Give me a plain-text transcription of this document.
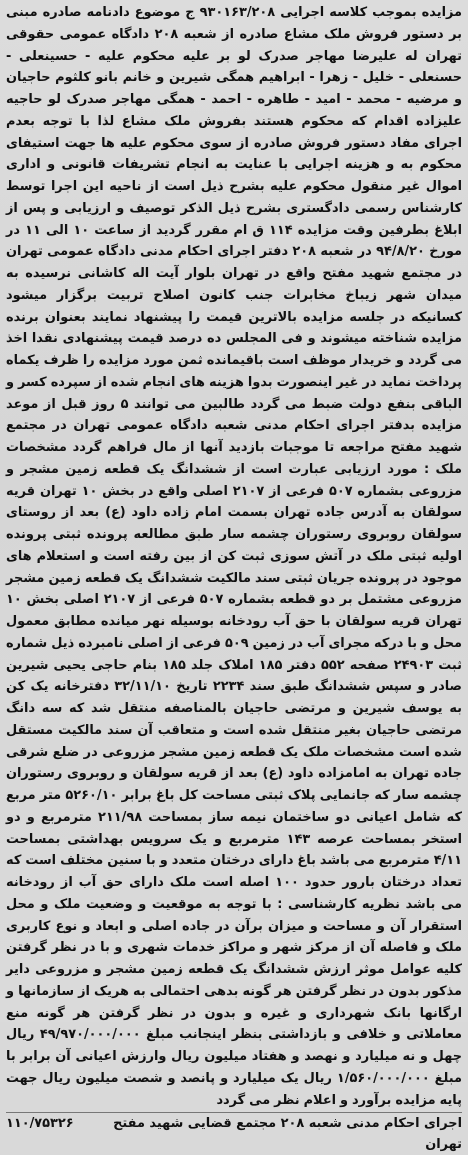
مزایده بموجب کلاسه اجرایی ۹۳۰۱۶۳/۲۰۸ ج موضوع دادنامه صادره مبنی بر دستور فروش ملک مشاع صادره از شعبه ۲۰۸ دادگاه عمومی حقوقی تهران له علیرضا مهاجر صدرک لو بر علیه محکوم علیه - حسینعلی - حسنعلی - خلیل - زهرا - ابراهیم همگی شیرین و خانم بانو کلثوم حاجیان و مرضیه - محمد - امید - طاهره - احمد - همگی مهاجر صدرک لو حاجیه علیزاده اقدام که محکوم هستند بفروش ملک مشاع لذا با توجه بعدم اجرای مفاد دستور فروش صادره از سوی محکوم علیه ها جهت استیفای محکوم به و هزینه اجرایی با عنایت به انجام تشریفات قانونی و اداری اموال غیر منقول محکوم علیه بشرح ذیل است از ناحیه این اجرا توسط کارشناس رسمی دادگستری بشرح ذیل الذکر توصیف و ارزیابی و پس از ابلاغ بطرفین وقت مزایده ۱۱۴ ق ام مقرر گردید از ساعت ۱۰ الی ۱۱ در مورخ ۹۴/۸/۲۰ در شعبه ۲۰۸ دفتر اجرای احکام مدنی دادگاه عمومی تهران در مجتمع شهید مفتح واقع در تهران بلوار آیت اله کاشانی نرسیده به میدان شهر زیباخ مخابرات جنب کانون اصلاح تربیت برگزار میشود کسانیکه در جلسه مزایده بالاترین قیمت را پیشنهاد نمایند بعنوان برنده مزایده شناخته میشوند و فی المجلس ده درصد قیمت پیشنهادی نقدا اخذ می گردد و خریدار موظف است باقیمانده ثمن مورد مزایده را ظرف یکماه پرداخت نماید در غیر اینصورت بدوا هزینه های انجام شده از سپرده کسر و الباقی بنفع دولت ضبط می گردد طالبین می توانند ۵ روز قبل از موعد مزایده بدفتر اجرای احکام مدنی شعبه دادگاه عمومی تهران در مجتمع شهید مفتح مراجعه تا موجبات بازدید آنها از مال فراهم گردد مشخصات ملک : مورد ارزیابی عبارت است از ششدانگ یک قطعه زمین مشجر و مزروعی بشماره ۵۰۷ فرعی از ۲۱۰۷ اصلی واقع در بخش ۱۰ تهران قریه سولقان به آدرس جاده تهران بسمت امام زاده داود (ع) بعد از روستای سولقان روبروی رستوران چشمه سار طبق مطالعه پرونده ثبتی پرونده اولیه ثبتی ملک در آتش سوزی ثبت کن از بین رفته است و استعلام های موجود در پرونده جریان ثبتی سند مالکیت ششدانگ یک قطعه زمین مشجر مزروعی مشتمل بر دو قطعه بشماره ۵۰۷ فرعی از ۲۱۰۷ اصلی بخش ۱۰ تهران قریه سولقان با حق آب رودخانه بوسیله نهر میانده مطابق معمول محل و با درکه مجرای آب در زمین ۵۰۹ فرعی از اصلی نامبرده ذیل شماره ثبت ۲۴۹۰۳ صفحه ۵۵۲ دفتر ۱۸۵ املاک جلد ۱۸۵ بنام حاجی یحیی شیرین صادر و سپس ششدانگ طبق سند ۲۲۳۴ تاریخ ۳۲/۱۱/۱۰ دفترخانه یک کن به یوسف شیرین و مرتضی حاجیان بالمناصفه منتقل شد که سه دانگ مرتضی حاجیان بغیر منتقل شده است و متعاقب آن سند مالکیت مستقل شده است مشخصات ملک یک قطعه زمین مشجر مزروعی در ضلع شرقی جاده تهران به امامزاده داود (ع) بعد از قریه سولقان و روبروی رستوران چشمه سار که جانمایی پلاک ثبتی مساحت کل باغ برابر ۵۲۶۰/۱۰ متر مربع که شامل اعیانی دو ساختمان نیمه ساز بمساحت ۲۱۱/۹۸ مترمربع و دو استخر بمساحت عرصه ۱۴۳ مترمربع و یک سرویس بهداشتی بمساحت ۴/۱۱ مترمربع می باشد باغ دارای درختان متعدد و با سنین مختلف است که تعداد درختان بارور حدود ۱۰۰ اصله است ملک دارای حق آب از رودخانه می باشد نظریه کارشناسی : با توجه به موقعیت و وضعیت ملک و محل استقرار آن و مساحت و میزان برآن در جاده اصلی و ابعاد و نوع کاربری ملک و فاصله آن از مرکز شهر و مراکز خدمات شهری و با در نظر گرفتن کلیه عوامل موثر ارزش ششدانگ یک قطعه زمین مشجر و مزروعی دایر مذکور بدون در نظر گرفتن هر گونه بدهی احتمالی به هریک از سازمانها و ارگانها بانک شهرداری و غیره و بدون در نظر گرفتن هر گونه منع معاملاتی و خلافی و بازداشتی بنظر اینجانب مبلغ ۴۹/۹۷۰/۰۰۰/۰۰۰ ریال چهل و نه میلیارد و نهصد و هفتاد میلیون ریال وارزش اعیانی آن برابر با مبلغ ۱/۵۶۰/۰۰۰/۰۰۰ ریال یک میلیارد و پانصد و شصت میلیون ریال جهت پایه مزایده برآورد و اعلام نظر می گردد

اجرای احکام مدنی شعبه ۲۰۸ مجتمع قضایی شهید مفتح تهران
۱۱۰/۷۵۳۲۶
